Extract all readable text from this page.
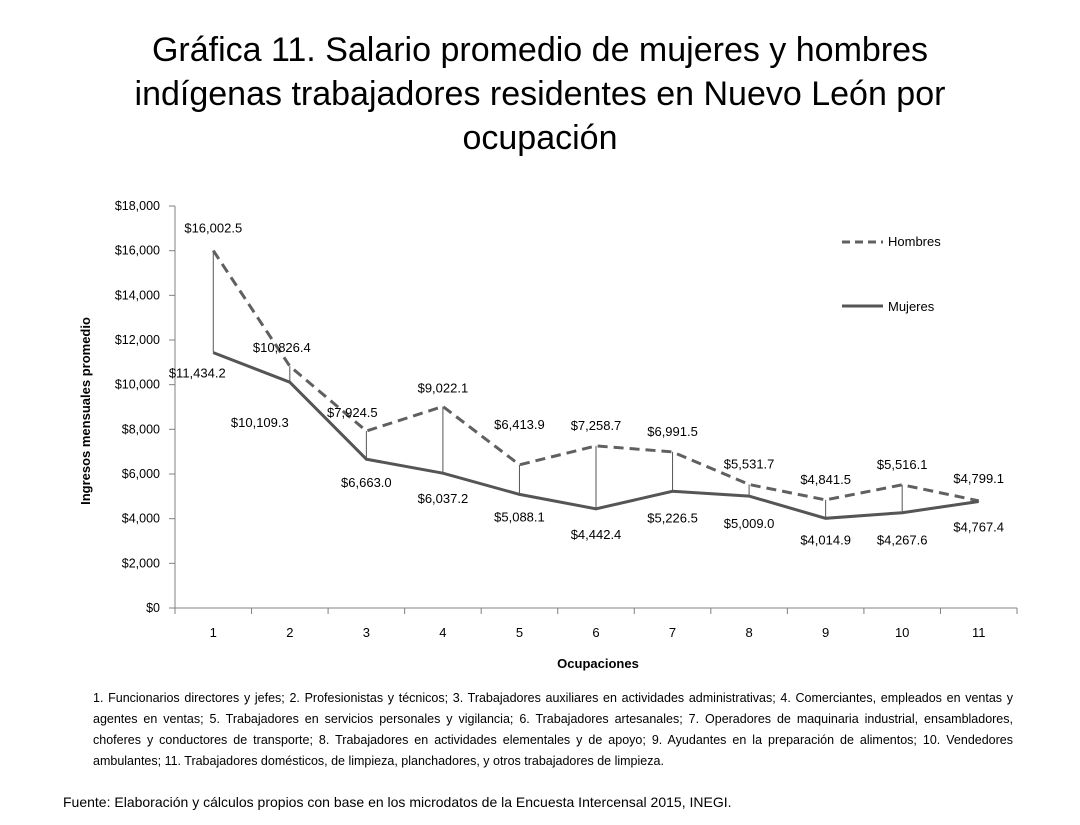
Gráfica 11. Salario promedio de mujeres y hombres
indígenas trabajadores residentes en Nuevo León por
ocupación
$0
$2,000
$4,000
$6,000
$8,000
$10,000
$12,000
$14,000
$16,000
$18,000
1	2	3	4	5	6	7	8	9	10	11
Ocupaciones
Ingresos mensuales promedio
$16,002.5
$10,826.4
$7,924.5
$9,022.1
$6,413.9 $7,258.7 $6,991.5
$5,531.7
$4,841.5
$5,516.1
$4,799.1
$11,434.2
$10,109.3
$6,663.0
$6,037.2
$5,088.1
$4,442.4
$5,226.5 $5,009.0
$4,014.9 $4,267.6
$4,767.4
Hombres
Mujeres
1. Funcionarios directores y jefes; 2. Profesionistas y técnicos; 3. Trabajadores auxiliares en actividades administrativas; 4. Comerciantes, empleados en ventas y agentes en ventas; 5. Trabajadores en servicios personales y vigilancia; 6. Trabajadores artesanales; 7. Operadores de maquinaria industrial, ensambladores, choferes y conductores de transporte; 8. Trabajadores en actividades elementales y de apoyo; 9. Ayudantes en la preparación de alimentos; 10. Vendedores ambulantes; 11. Trabajadores domésticos, de limpieza, planchadores, y otros trabajadores de limpieza.
Fuente: Elaboración y cálculos propios con base en los microdatos de la Encuesta Intercensal 2015, INEGI.
